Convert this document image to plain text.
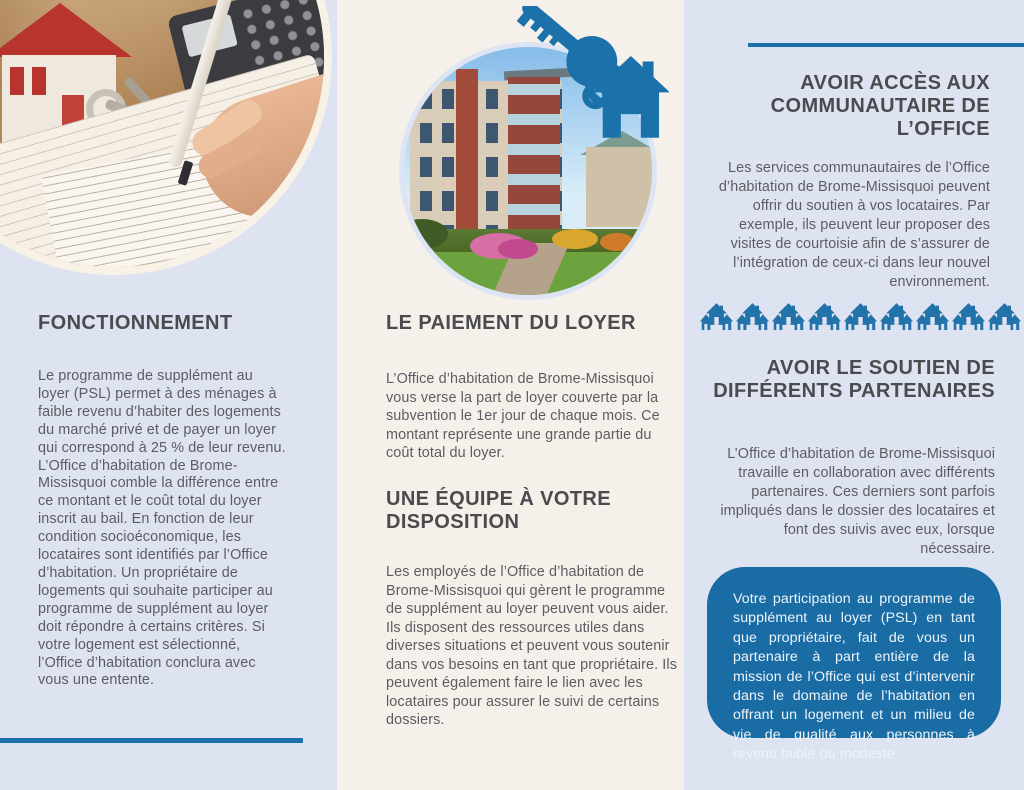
FONCTIONNEMENT

Le programme de supplément au loyer (PSL) permet à des ménages à faible revenu d’habiter des logements du marché privé et de payer un loyer qui correspond à 25 % de leur revenu. L’Office d’habitation de Brome-Missisquoi comble la différence entre ce montant et le coût total du loyer inscrit au bail. En fonction de leur condition socioéconomique, les locataires sont identifiés par l’Office d’habitation. Un propriétaire de logements qui souhaite participer au programme de supplément au loyer doit répondre à certains critères. Si votre logement est sélectionné, l’Office d’habitation conclura avec vous une entente.

LE PAIEMENT DU LOYER

L’Office d’habitation de Brome-Missisquoi vous verse la part de loyer couverte par la subvention le 1er jour de chaque mois. Ce montant représente une grande partie du coût total du loyer.

UNE ÉQUIPE À VOTRE DISPOSITION

Les employés de l’Office d’habitation de Brome-Missisquoi qui gèrent le programme de supplément au loyer peuvent vous aider. Ils disposent des ressources utiles dans diverses situations et peuvent vous soutenir dans vos besoins en tant que propriétaire. Ils peuvent également faire le lien avec les locataires pour assurer le suivi de certains dossiers.

AVOIR ACCÈS AUX
COMMUNAUTAIRE DE
L’OFFICE

Les services communautaires de l’Office d’habitation de Brome-Missisquoi peuvent offrir du soutien à vos locataires. Par exemple, ils peuvent leur proposer des visites de courtoisie afin de s’assurer de l’intégration de ceux-ci dans leur nouvel environnement.

AVOIR LE SOUTIEN DE
DIFFÉRENTS PARTENAIRES

L’Office d’habitation de Brome-Missisquoi travaille en collaboration avec différents partenaires. Ces derniers sont parfois impliqués dans le dossier des locataires et font des suivis avec eux, lorsque nécessaire.

Votre participation au programme de supplément au loyer (PSL) en tant que propriétaire, fait de vous un partenaire à part entière de la mission de l’Office qui est d’intervenir dans le domaine de l’habitation en offrant un logement et un milieu de vie de qualité aux personnes à revenu faible ou modeste.
